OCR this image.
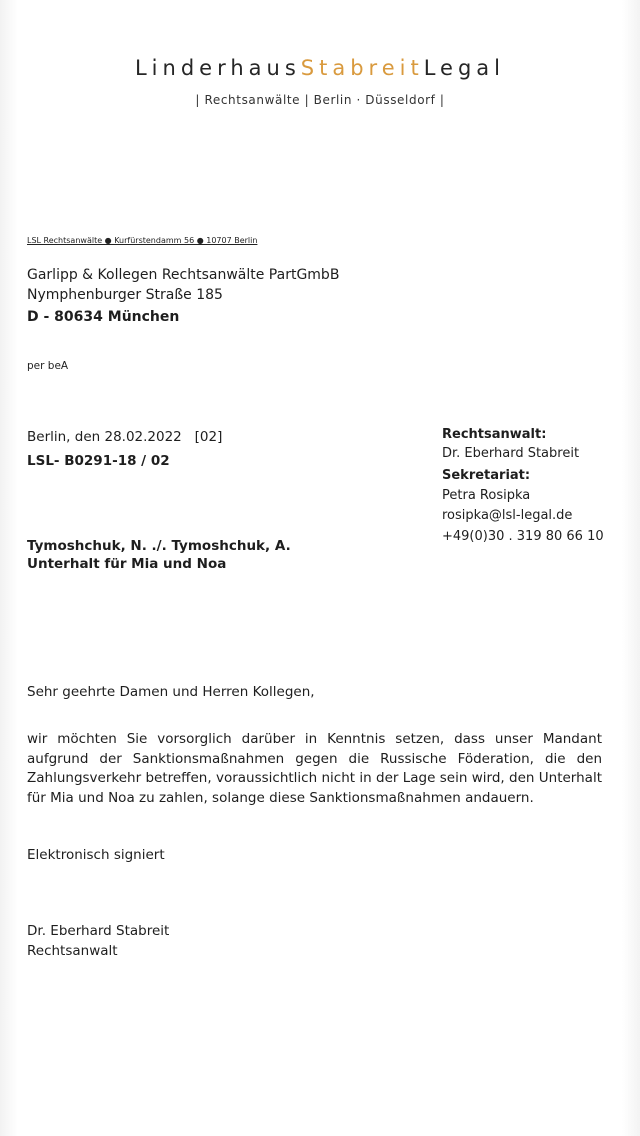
LinderhausStabreitLegal
| Rechtsanwälte | Berlin · Düsseldorf |
LSL Rechtsanwälte ● Kurfürstendamm 56 ● 10707 Berlin
Garlipp & Kollegen Rechtsanwälte PartGmbB
Nymphenburger Straße 185
D - 80634 München
per beA
Berlin, den 28.02.2022   [02]
LSL- B0291-18 / 02
Rechtsanwalt:
Dr. Eberhard Stabreit
Sekretariat:
Petra Rosipka
rosipka@lsl-legal.de
+49(0)30 . 319 80 66 10
Tymoshchuk, N. ./. Tymoshchuk, A.
Unterhalt für Mia und Noa
Sehr geehrte Damen und Herren Kollegen,
wir möchten Sie vorsorglich darüber in Kenntnis setzen, dass unser Mandant aufgrund der Sanktionsmaßnahmen gegen die Russische Föderation, die den Zahlungsverkehr betreffen, voraussichtlich nicht in der Lage sein wird, den Unterhalt für Mia und Noa zu zahlen, solange diese Sanktionsmaßnahmen andauern.
Elektronisch signiert
Dr. Eberhard Stabreit
Rechtsanwalt
